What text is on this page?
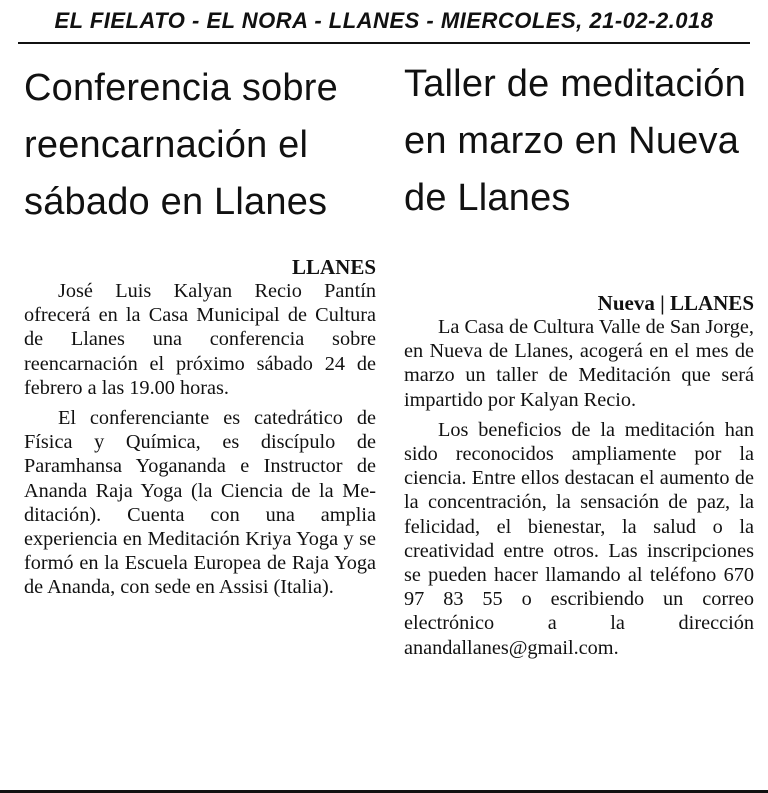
EL FIELATO - EL NORA - LLANES - MIERCOLES, 21-02-2.018
Conferencia sobre
reencarnación el
sábado en Llanes

LLANES

José Luis Kalyan Recio Pantín ofrecerá en la Casa Municipal de Cultura de Llanes una conferencia sobre reencarnación el próximo sábado 24 de febrero a las 19.00 horas.

El conferenciante es catedrático de Física y Química, es discípulo de Paramhansa Yogananda e Instructor de Ananda Raja Yoga (la Ciencia de la Meditación). Cuenta con una amplia experiencia en Meditación Kriya Yoga y se formó en la Escuela Europea de Raja Yoga de Ananda, con sede en Assisi (Italia).

Taller de meditación
en marzo en Nueva
de Llanes

Nueva | LLANES

La Casa de Cultura Valle de San Jorge, en Nueva de Llanes, acogerá en el mes de marzo un taller de Meditación que será impartido por Kalyan Recio.

Los beneficios de la meditación han sido reconocidos ampliamente por la ciencia. Entre ellos destacan el aumento de la concentración, la sensación de paz, la felicidad, el bienestar, la salud o la creatividad entre otros. Las inscripciones se pueden hacer llamando al teléfono 670 97 83 55 o escribiendo un correo electrónico a la dirección anandallanes@gmail.com.
